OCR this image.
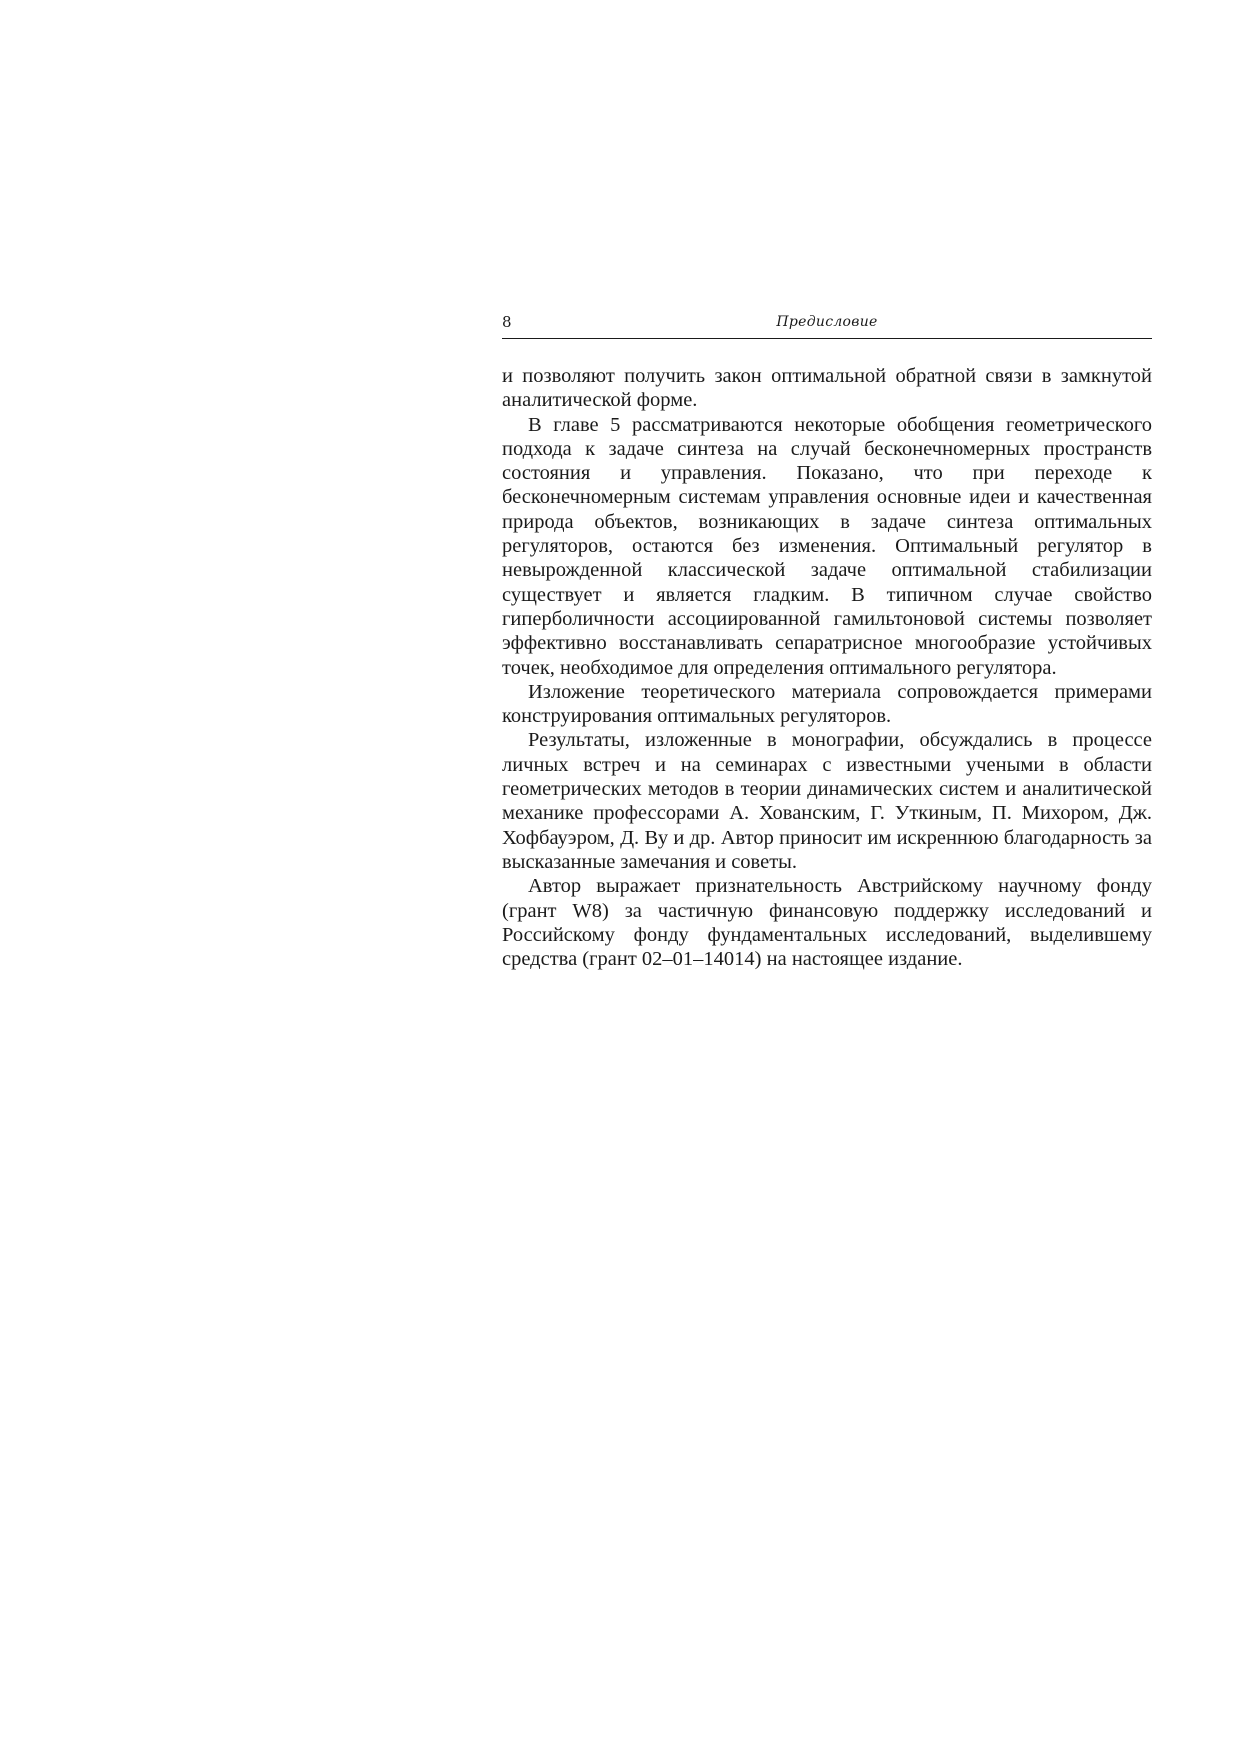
8	Предисловие

и позволяют получить закон оптимальной обратной связи в замкнутой аналитической форме.

В главе 5 рассматриваются некоторые обобщения геометрического подхода к задаче синтеза на случай бесконечномерных пространств состояния и управления. Показано, что при переходе к бесконечномерным системам управления основные идеи и качественная природа объектов, возникающих в задаче синтеза оптимальных регуляторов, остаются без изменения. Оптимальный регулятор в невырожденной классической задаче оптимальной стабилизации существует и является гладким. В типичном случае свойство гиперболичности ассоциированной гамильтоновой системы позволяет эффективно восстанавливать сепаратрисное многообразие устойчивых точек, необходимое для определения оптимального регулятора.

Изложение теоретического материала сопровождается примерами конструирования оптимальных регуляторов.

Результаты, изложенные в монографии, обсуждались в процессе личных встреч и на семинарах с известными учеными в области геометрических методов в теории динамических систем и аналитической механике профессорами А. Хованским, Г. Уткиным, П. Михором, Дж. Хофбауэром, Д. Ву и др. Автор приносит им искреннюю благодарность за высказанные замечания и советы.

Автор выражает признательность Австрийскому научному фонду (грант W8) за частичную финансовую поддержку исследований и Российскому фонду фундаментальных исследований, выделившему средства (грант 02–01–14014) на настоящее издание.
